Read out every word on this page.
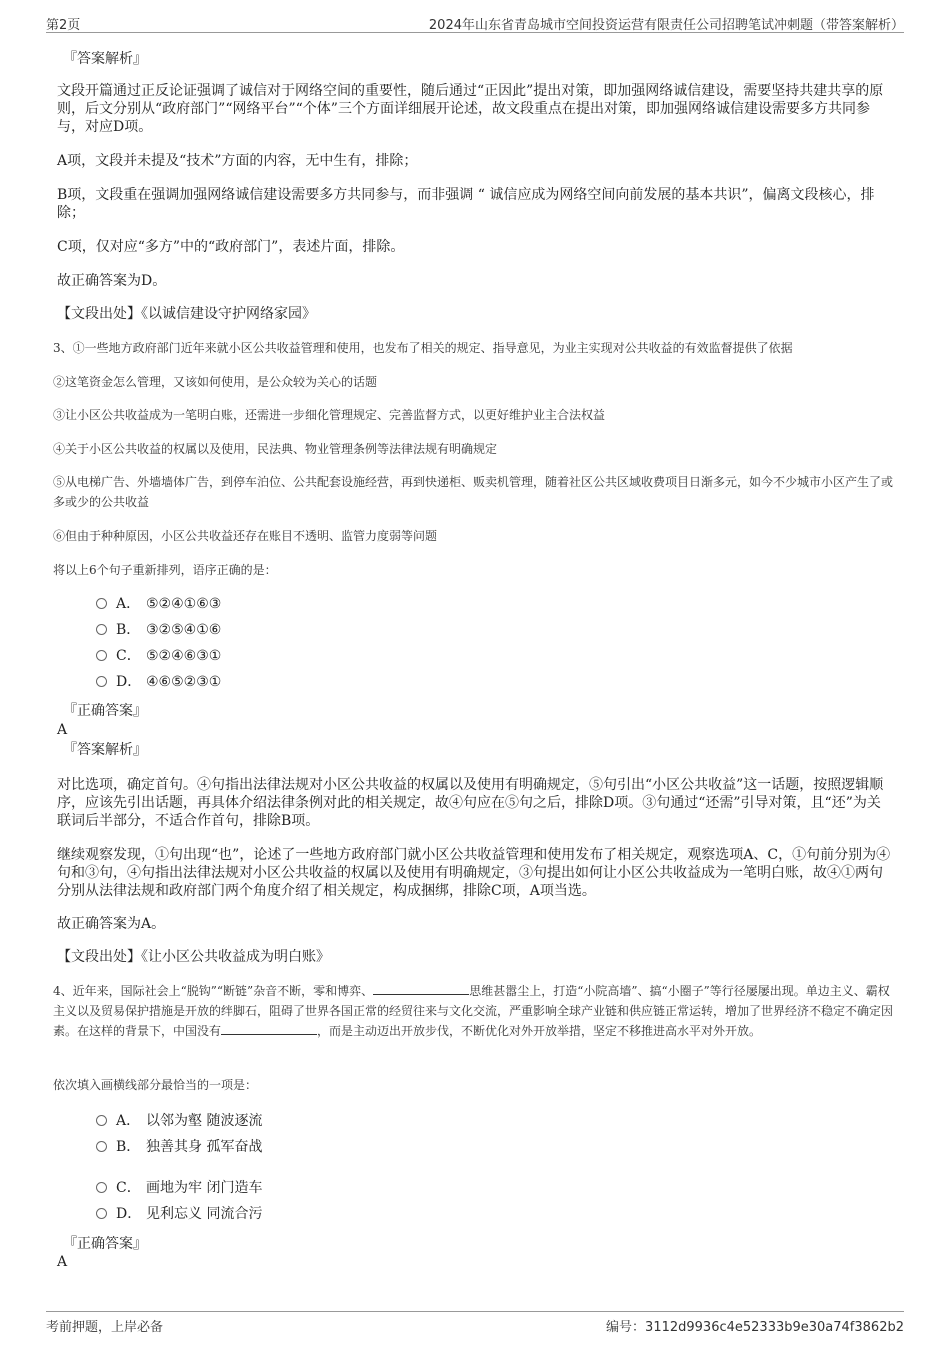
第2页	2024年山东省青岛城市空间投资运营有限责任公司招聘笔试冲刺题（带答案解析）
『答案解析』
文段开篇通过正反论证强调了诚信对于网络空间的重要性，随后通过“正因此”提出对策，即加强网络诚信建设，需要坚持共建共享的原则，后文分别从“政府部门”“网络平台”“个体”三个方面详细展开论述，故文段重点在提出对策，即加强网络诚信建设需要多方共同参与，对应D项。
A项，文段并未提及“技术”方面的内容，无中生有，排除；
B项，文段重在强调加强网络诚信建设需要多方共同参与，而非强调 “ 诚信应成为网络空间向前发展的基本共识”，偏离文段核心，排除；
C项，仅对应“多方”中的“政府部门”，表述片面，排除。
故正确答案为D。
【文段出处】《以诚信建设守护网络家园》
3、①一些地方政府部门近年来就小区公共收益管理和使用，也发布了相关的规定、指导意见，为业主实现对公共收益的有效监督提供了依据
②这笔资金怎么管理，又该如何使用，是公众较为关心的话题
③让小区公共收益成为一笔明白账，还需进一步细化管理规定、完善监督方式，以更好维护业主合法权益
④关于小区公共收益的权属以及使用，民法典、物业管理条例等法律法规有明确规定
⑤从电梯广告、外墙墙体广告，到停车泊位、公共配套设施经营，再到快递柜、贩卖机管理，随着社区公共区域收费项目日渐多元，如今不少城市小区产生了或多或少的公共收益
⑥但由于种种原因，小区公共收益还存在账目不透明、监管力度弱等问题
将以上6个句子重新排列，语序正确的是：
A． ⑤②④①⑥③
B． ③②⑤④①⑥
C． ⑤②④⑥③①
D． ④⑥⑤②③①
『正确答案』
A
『答案解析』
对比选项，确定首句。④句指出法律法规对小区公共收益的权属以及使用有明确规定，⑤句引出“小区公共收益”这一话题，按照逻辑顺序，应该先引出话题，再具体介绍法律条例对此的相关规定，故④句应在⑤句之后，排除D项。③句通过“还需”引导对策，且“还”为关联词后半部分，不适合作首句，排除B项。
继续观察发现，①句出现“也”，论述了一些地方政府部门就小区公共收益管理和使用发布了相关规定，观察选项A、C，①句前分别为④句和③句，④句指出法律法规对小区公共收益的权属以及使用有明确规定，③句提出如何让小区公共收益成为一笔明白账，故④①两句分别从法律法规和政府部门两个角度介绍了相关规定，构成捆绑，排除C项，A项当选。
故正确答案为A。
【文段出处】《让小区公共收益成为明白账》
4、近年来，国际社会上“脱钩”“断链”杂音不断，零和博弈、	思维甚嚣尘上，打造“小院高墙”、搞“小圈子”等行径屡屡出现。单边主义、霸权主义以及贸易保护措施是开放的绊脚石，阻碍了世界各国正常的经贸往来与文化交流，严重影响全球产业链和供应链正常运转，增加了世界经济不稳定不确定因素。在这样的背景下，中国没有	，而是主动迈出开放步伐，不断优化对外开放举措，坚定不移推进高水平对外开放。
依次填入画横线部分最恰当的一项是：
A． 以邻为壑 随波逐流
B． 独善其身 孤军奋战
C． 画地为牢 闭门造车
D． 见利忘义 同流合污
『正确答案』
A
考前押题，上岸必备	编号：3112d9936c4e52333b9e30a74f3862b2
